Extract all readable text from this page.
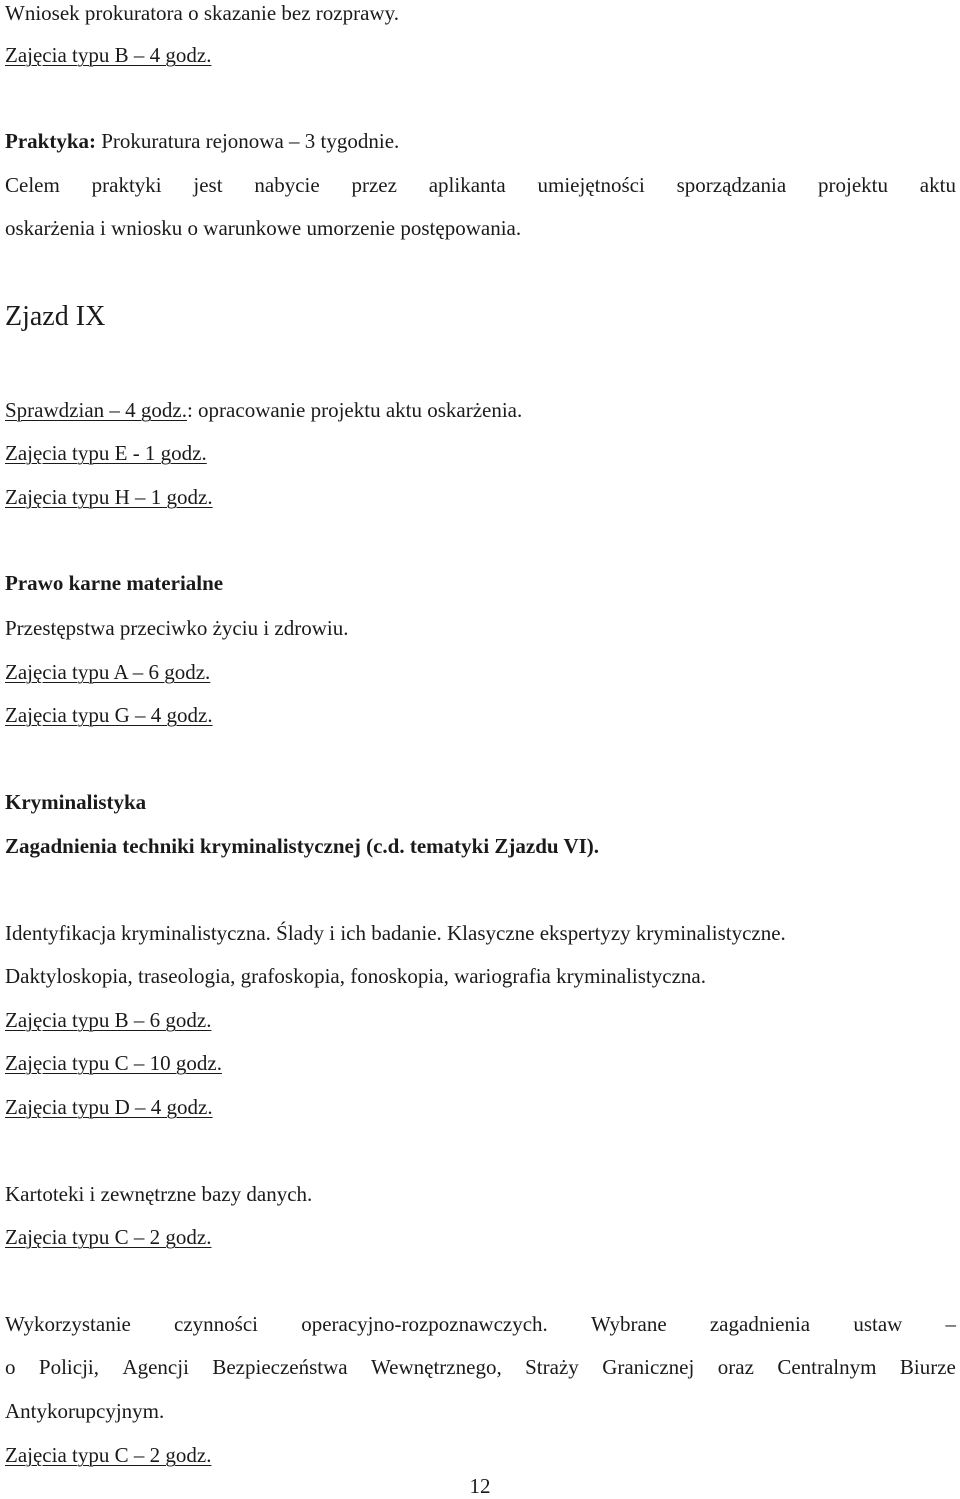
Wniosek prokuratora o skazanie bez rozprawy.
Zajęcia typu B – 4 godz.
Praktyka: Prokuratura rejonowa – 3 tygodnie.
Celem praktyki jest nabycie przez aplikanta umiejętności sporządzania projektu aktu
oskarżenia i wniosku o warunkowe umorzenie postępowania.
Zjazd IX
Sprawdzian – 4 godz.: opracowanie projektu aktu oskarżenia.
Zajęcia typu E - 1 godz.
Zajęcia typu H – 1 godz.
Prawo karne materialne
Przestępstwa przeciwko życiu i zdrowiu.
Zajęcia typu A – 6 godz.
Zajęcia typu G – 4 godz.
Kryminalistyka
Zagadnienia techniki kryminalistycznej (c.d. tematyki Zjazdu VI).
Identyfikacja kryminalistyczna. Ślady i ich badanie. Klasyczne ekspertyzy kryminalistyczne.
Daktyloskopia, traseologia, grafoskopia, fonoskopia, wariografia kryminalistyczna.
Zajęcia typu B – 6 godz.
Zajęcia typu C – 10 godz.
Zajęcia typu D – 4 godz.
Kartoteki i zewnętrzne bazy danych.
Zajęcia typu C – 2 godz.
Wykorzystanie czynności operacyjno-rozpoznawczych. Wybrane zagadnienia ustaw –
o Policji, Agencji Bezpieczeństwa Wewnętrznego, Straży Granicznej oraz Centralnym Biurze
Antykorupcyjnym.
Zajęcia typu C – 2 godz.
12
